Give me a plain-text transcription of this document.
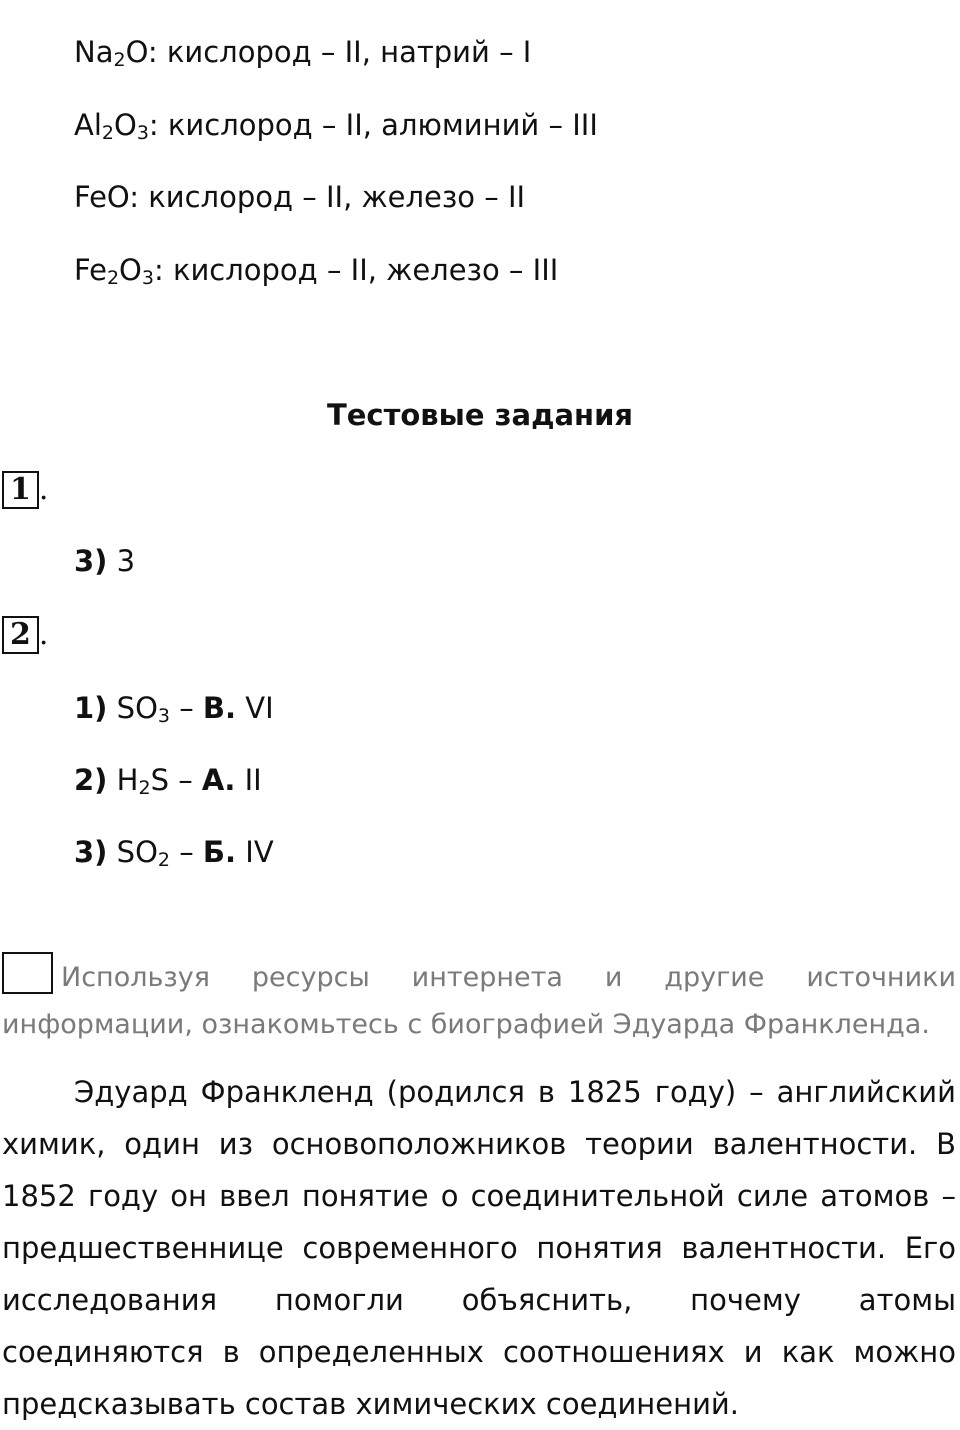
$Na_2O$: кислород – II, натрий – I
$Al_2O_3$: кислород – II, алюминий – III
FeO: кислород – II, железо – II
$Fe_2O_3$: кислород – II, железо – III
Тестовые задания
1 .
3) 3
2 .
1) $SO_3$ – В. VI
2) $H_2S$ – А. II
3) $SO_2$ – Б. IV
Используя ресурсы интернета и другие источники информации, ознакомьтесь с биографией Эдуарда Франкленда.
Эдуард Франкленд (родился в 1825 году) – английский химик, один из основоположников теории валентности. В 1852 году он ввел понятие о соединительной силе атомов – предшественнице современного понятия валентности. Его исследования помогли объяснить, почему атомы соединяются в определенных соотношениях и как можно предсказывать состав химических соединений.
